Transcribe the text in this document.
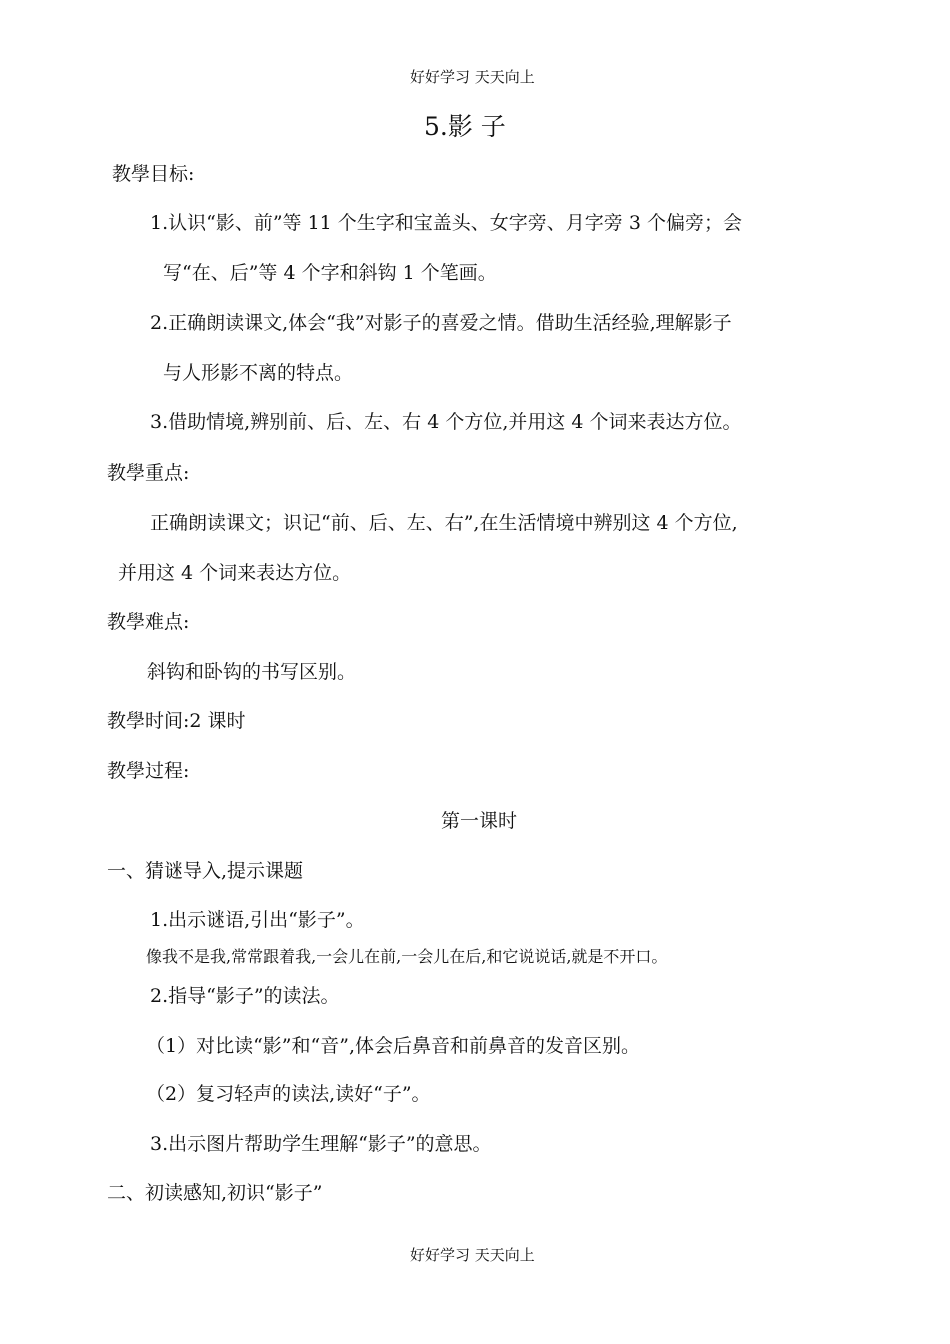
好好学习 天天向上
5.影 子
教學目标:
1.认识“影、前”等 11 个生字和宝盖头、女字旁、月字旁 3 个偏旁；会
写“在、后”等 4 个字和斜钩 1 个笔画。
2.正确朗读课文,体会“我”对影子的喜爱之情。借助生活经验,理解影子
与人形影不离的特点。
3.借助情境,辨别前、后、左、右 4 个方位,并用这 4 个词来表达方位。
教學重点:
正确朗读课文；识记“前、后、左、右”,在生活情境中辨别这 4 个方位,
并用这 4 个词来表达方位。
教學难点:
斜钩和卧钩的书写区别。
教學时间:2 课时
教學过程:
第一课时
一、猜谜导入,提示课题
1.出示谜语,引出“影子”。
像我不是我,常常跟着我,一会儿在前,一会儿在后,和它说说话,就是不开口。
2.指导“影子”的读法。
（1）对比读“影”和“音”,体会后鼻音和前鼻音的发音区别。
（2）复习轻声的读法,读好“子”。
3.出示图片帮助学生理解“影子”的意思。
二、初读感知,初识“影子”
好好学习 天天向上
